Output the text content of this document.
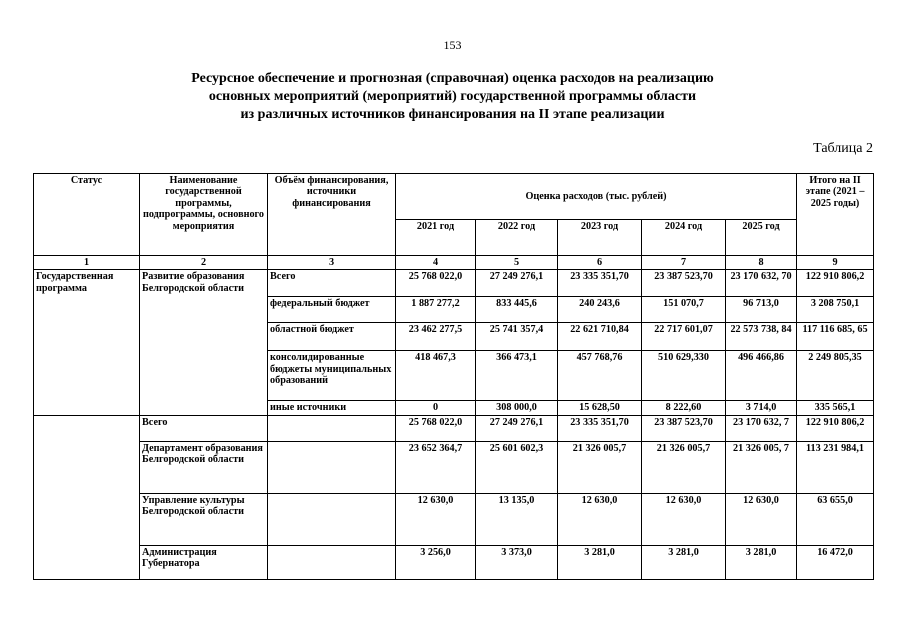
153
Ресурсное обеспечение и прогнозная (справочная) оценка расходов на реализацию
основных мероприятий (мероприятий) государственной программы области
из различных источников финансирования на II этапе реализации
Таблица 2
Статус	Наименование государственной программы, подпрограммы, основного мероприятия	Объём финансирования, источники финансирования	Оценка расходов (тыс. рублей)					Итого на II этапе (2021 – 2025 годы)
			2021 год	2022 год	2023 год	2024 год	2025 год	
1	2	3	4	5	6	7	8	9
Государственная программа	Развитие образования Белгородской области	Всего	25 768 022,0	27 249 276,1	23 335 351,70	23 387 523,70	23 170 632, 70	122 910 806,2
		федеральный бюджет	1 887 277,2	833 445,6	240 243,6	151 070,7	96 713,0	3 208 750,1
		областной бюджет	23 462 277,5	25 741 357,4	22 621 710,84	22 717 601,07	22 573 738, 84	117 116 685, 65
		консолидированные бюджеты муниципальных образований	418 467,3	366 473,1	457 768,76	510 629,330	496 466,86	2 249 805,35
		иные источники	0	308 000,0	15 628,50	8 222,60	3 714,0	335 565,1
	Всего		25 768 022,0	27 249 276,1	23 335 351,70	23 387 523,70	23 170 632, 7	122 910 806,2
	Департамент образования Белгородской области		23 652 364,7	25 601 602,3	21 326 005,7	21 326 005,7	21 326 005, 7	113 231 984,1
	Управление культуры Белгородской области		12 630,0	13 135,0	12 630,0	12 630,0	12 630,0	63 655,0
	Администрация Губернатора		3 256,0	3 373,0	3 281,0	3 281,0	3 281,0	16 472,0
